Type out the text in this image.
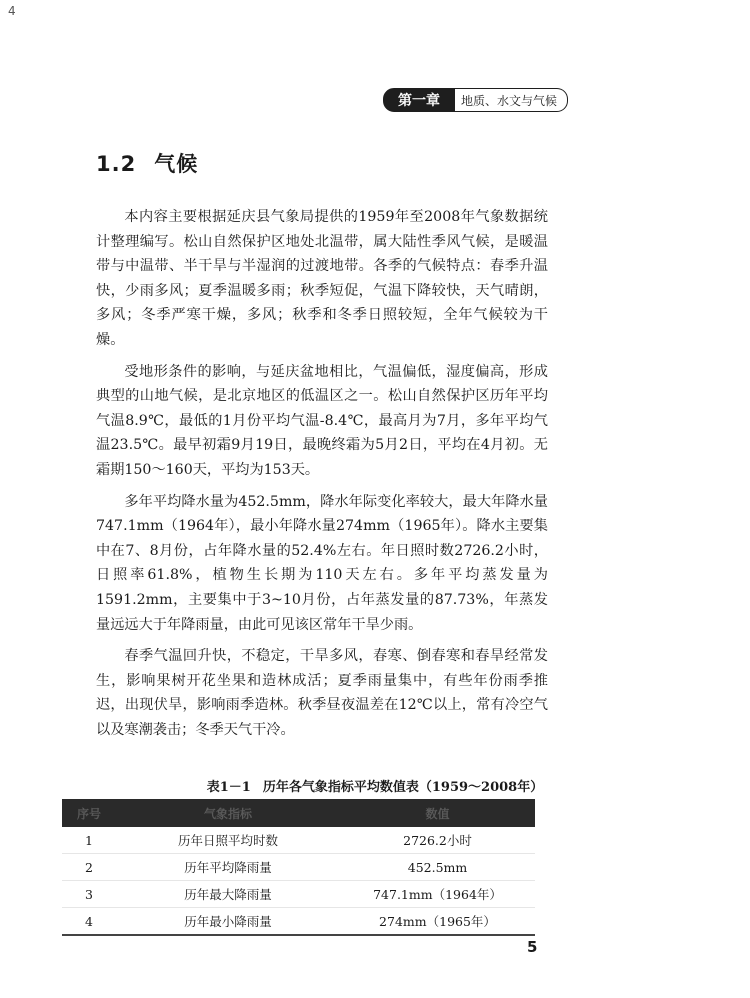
4
第一章	地质、水文与气候
1.2 气候

本内容主要根据延庆县气象局提供的1959年至2008年气象数据统计整理编写。松山自然保护区地处北温带，属大陆性季风气候，是暖温带与中温带、半干旱与半湿润的过渡地带。各季的气候特点：春季升温快，少雨多风；夏季温暖多雨；秋季短促，气温下降较快，天气晴朗，多风；冬季严寒干燥，多风；秋季和冬季日照较短，全年气候较为干燥。

受地形条件的影响，与延庆盆地相比，气温偏低，湿度偏高，形成典型的山地气候，是北京地区的低温区之一。松山自然保护区历年平均气温8.9℃，最低的1月份平均气温-8.4℃，最高月为7月，多年平均气温23.5℃。最早初霜9月19日，最晚终霜为5月2日，平均在4月初。无霜期150～160天，平均为153天。

多年平均降水量为452.5mm，降水年际变化率较大，最大年降水量747.1mm（1964年），最小年降水量274mm（1965年）。降水主要集中在7、8月份，占年降水量的52.4%左右。年日照时数2726.2小时，日照率61.8%，植物生长期为110天左右。多年平均蒸发量为1591.2mm，主要集中于3~10月份，占年蒸发量的87.73%，年蒸发量远远大于年降雨量，由此可见该区常年干旱少雨。

春季气温回升快，不稳定，干旱多风，春寒、倒春寒和春旱经常发生，影响果树开花坐果和造林成活；夏季雨量集中，有些年份雨季推迟，出现伏旱，影响雨季造林。秋季昼夜温差在12℃以上，常有冷空气以及寒潮袭击；冬季天气干冷。

表1－1 历年各气象指标平均数值表（1959～2008年）
序号	气象指标	数值
1	历年日照平均时数	2726.2小时
2	历年平均降雨量	452.5mm
3	历年最大降雨量	747.1mm（1964年）
4	历年最小降雨量	274mm（1965年）
5
